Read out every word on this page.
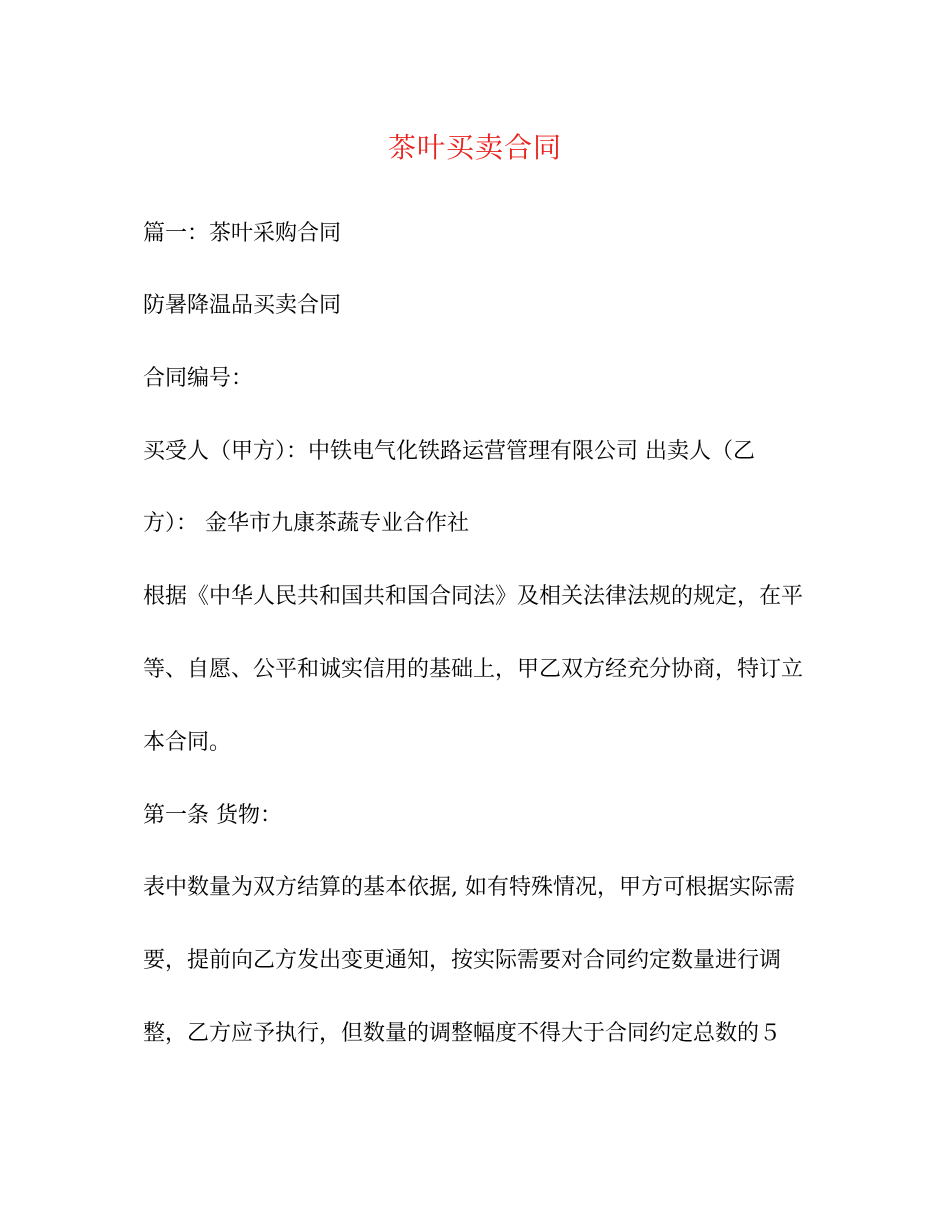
茶叶买卖合同
篇一：茶叶采购合同
防暑降温品买卖合同
合同编号：
买受人（甲方）：中铁电气化铁路运营管理有限公司 出卖人（乙
方）： 金华市九康茶蔬专业合作社
根据《中华人民共和国共和国合同法》及相关法律法规的规定，在平
等、自愿、公平和诚实信用的基础上，甲乙双方经充分协商，特订立
本合同。
第一条 货物：
表中数量为双方结算的基本依据, 如有特殊情况，甲方可根据实际需
要，提前向乙方发出变更通知，按实际需要对合同约定数量进行调
整，乙方应予执行，但数量的调整幅度不得大于合同约定总数的５
